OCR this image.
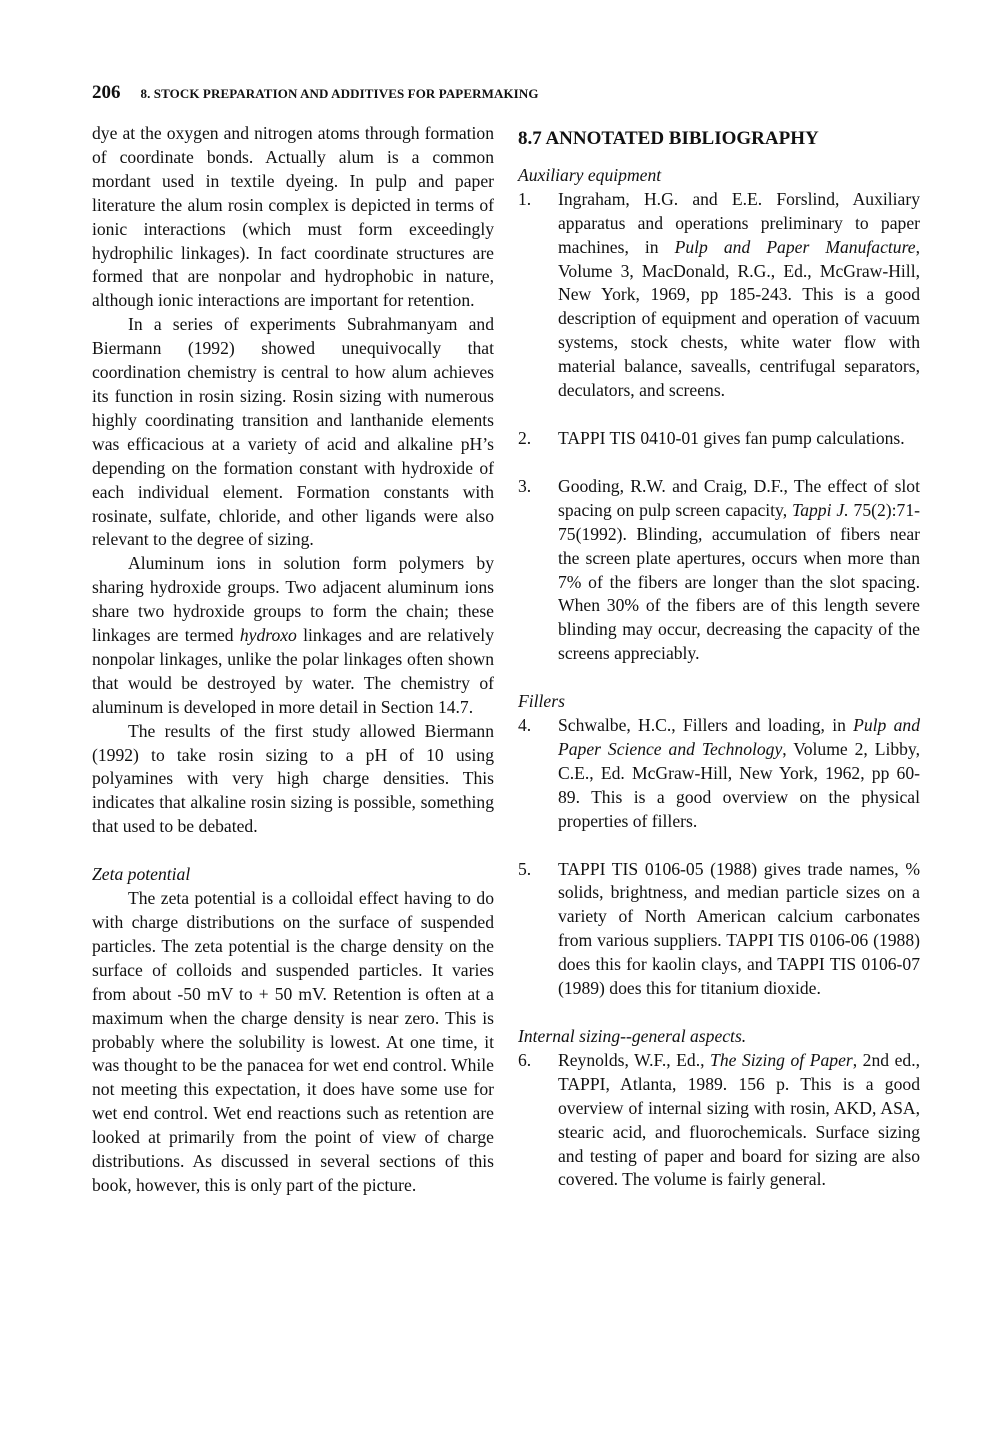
206 8. STOCK PREPARATION AND ADDITIVES FOR PAPERMAKING

dye at the oxygen and nitrogen atoms through formation of coordinate bonds. Actually alum is a common mordant used in textile dyeing. In pulp and paper literature the alum rosin complex is depicted in terms of ionic interactions (which must form exceedingly hydrophilic linkages). In fact coordinate structures are formed that are nonpolar and hydrophobic in nature, although ionic interactions are important for retention.

In a series of experiments Subrahmanyam and Biermann (1992) showed unequivocally that coordination chemistry is central to how alum achieves its function in rosin sizing. Rosin sizing with numerous highly coordinating transition and lanthanide elements was efficacious at a variety of acid and alkaline pH’s depending on the formation constant with hydroxide of each individual element. Formation constants with rosinate, sulfate, chloride, and other ligands were also relevant to the degree of sizing.

Aluminum ions in solution form polymers by sharing hydroxide groups. Two adjacent aluminum ions share two hydroxide groups to form the chain; these linkages are termed hydroxo linkages and are relatively nonpolar linkages, unlike the polar linkages often shown that would be destroyed by water. The chemistry of aluminum is developed in more detail in Section 14.7.

The results of the first study allowed Biermann (1992) to take rosin sizing to a pH of 10 using polyamines with very high charge densities. This indicates that alkaline rosin sizing is possible, something that used to be debated.

Zeta potential

The zeta potential is a colloidal effect having to do with charge distributions on the surface of suspended particles. The zeta potential is the charge density on the surface of colloids and suspended particles. It varies from about -50 mV to + 50 mV. Retention is often at a maximum when the charge density is near zero. This is probably where the solubility is lowest. At one time, it was thought to be the panacea for wet end control. While not meeting this expectation, it does have some use for wet end control. Wet end reactions such as retention are looked at primarily from the point of view of charge distributions. As discussed in several sections of this book, however, this is only part of the picture.

8.7 ANNOTATED BIBLIOGRAPHY

Auxiliary equipment

1.	Ingraham, H.G. and E.E. Forslind, Auxiliary apparatus and operations preliminary to paper machines, in Pulp and Paper Manufacture, Volume 3, MacDonald, R.G., Ed., McGraw-Hill, New York, 1969, pp 185-243. This is a good description of equipment and operation of vacuum systems, stock chests, white water flow with material balance, savealls, centrifugal separators, deculators, and screens.
2.	TAPPI TIS 0410-01 gives fan pump calculations.
3.	Gooding, R.W. and Craig, D.F., The effect of slot spacing on pulp screen capacity, Tappi J. 75(2):71-75(1992). Blinding, accumulation of fibers near the screen plate apertures, occurs when more than 7% of the fibers are longer than the slot spacing. When 30% of the fibers are of this length severe blinding may occur, decreasing the capacity of the screens appreciably.

Fillers

4.	Schwalbe, H.C., Fillers and loading, in Pulp and Paper Science and Technology, Volume 2, Libby, C.E., Ed. McGraw-Hill, New York, 1962, pp 60-89. This is a good overview on the physical properties of fillers.
5.	TAPPI TIS 0106-05 (1988) gives trade names, % solids, brightness, and median particle sizes on a variety of North American calcium carbonates from various suppliers. TAPPI TIS 0106-06 (1988) does this for kaolin clays, and TAPPI TIS 0106-07 (1989) does this for titanium dioxide.

Internal sizing--general aspects.

6.	Reynolds, W.F., Ed., The Sizing of Paper, 2nd ed., TAPPI, Atlanta, 1989. 156 p. This is a good overview of internal sizing with rosin, AKD, ASA, stearic acid, and fluorochemicals. Surface sizing and testing of paper and board for sizing are also covered. The volume is fairly general.
